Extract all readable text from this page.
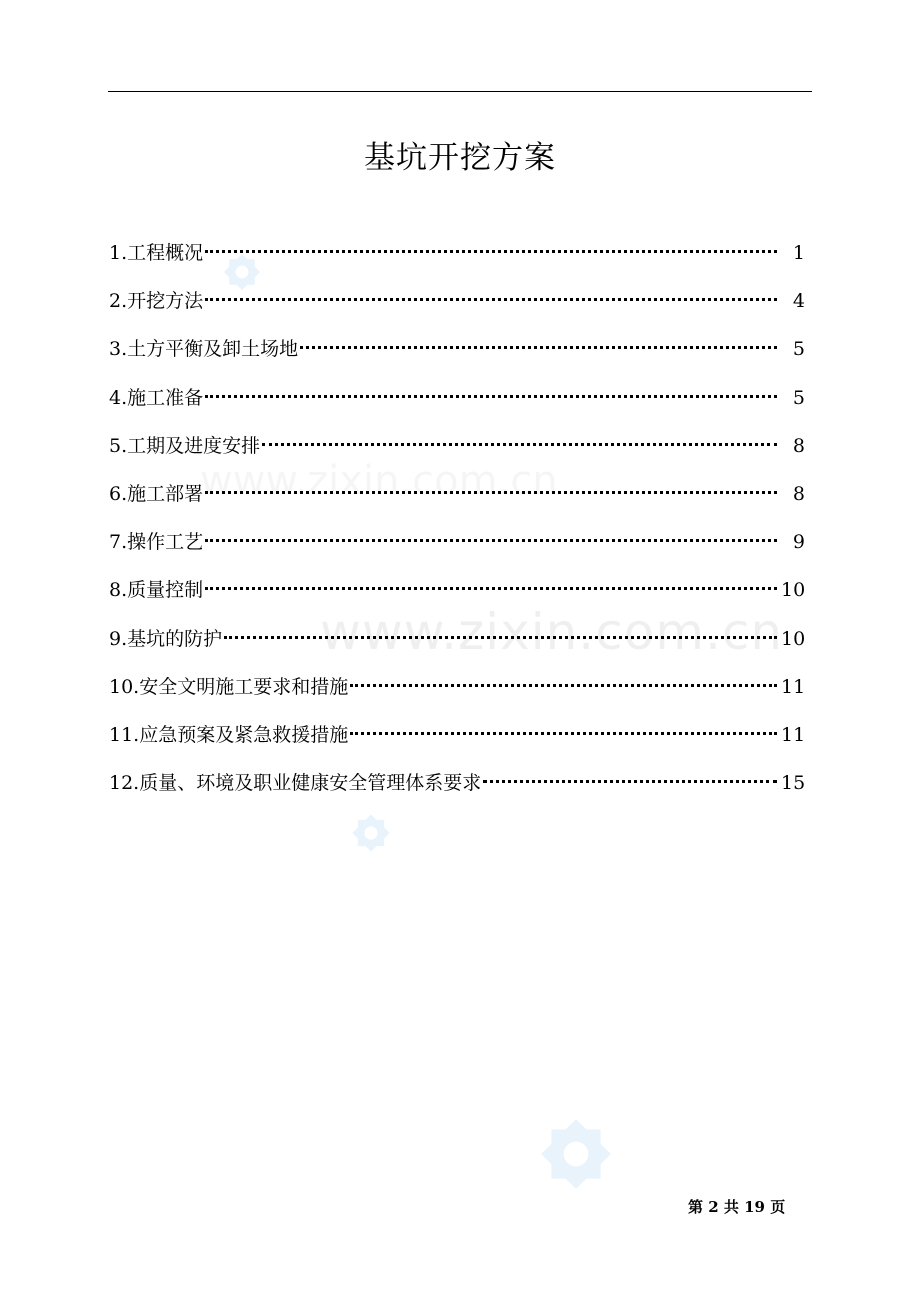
www.zixin.com.cn
基坑开挖方案
1.工程概况	1
2.开挖方法	4
3.土方平衡及卸土场地	5
4.施工准备	5
5.工期及进度安排	8
6.施工部署	8
7.操作工艺	9
8.质量控制	10
9.基坑的防护	10
10.安全文明施工要求和措施	11
11.应急预案及紧急救援措施	11
12.质量、环境及职业健康安全管理体系要求	15
第 2 共 19 页
